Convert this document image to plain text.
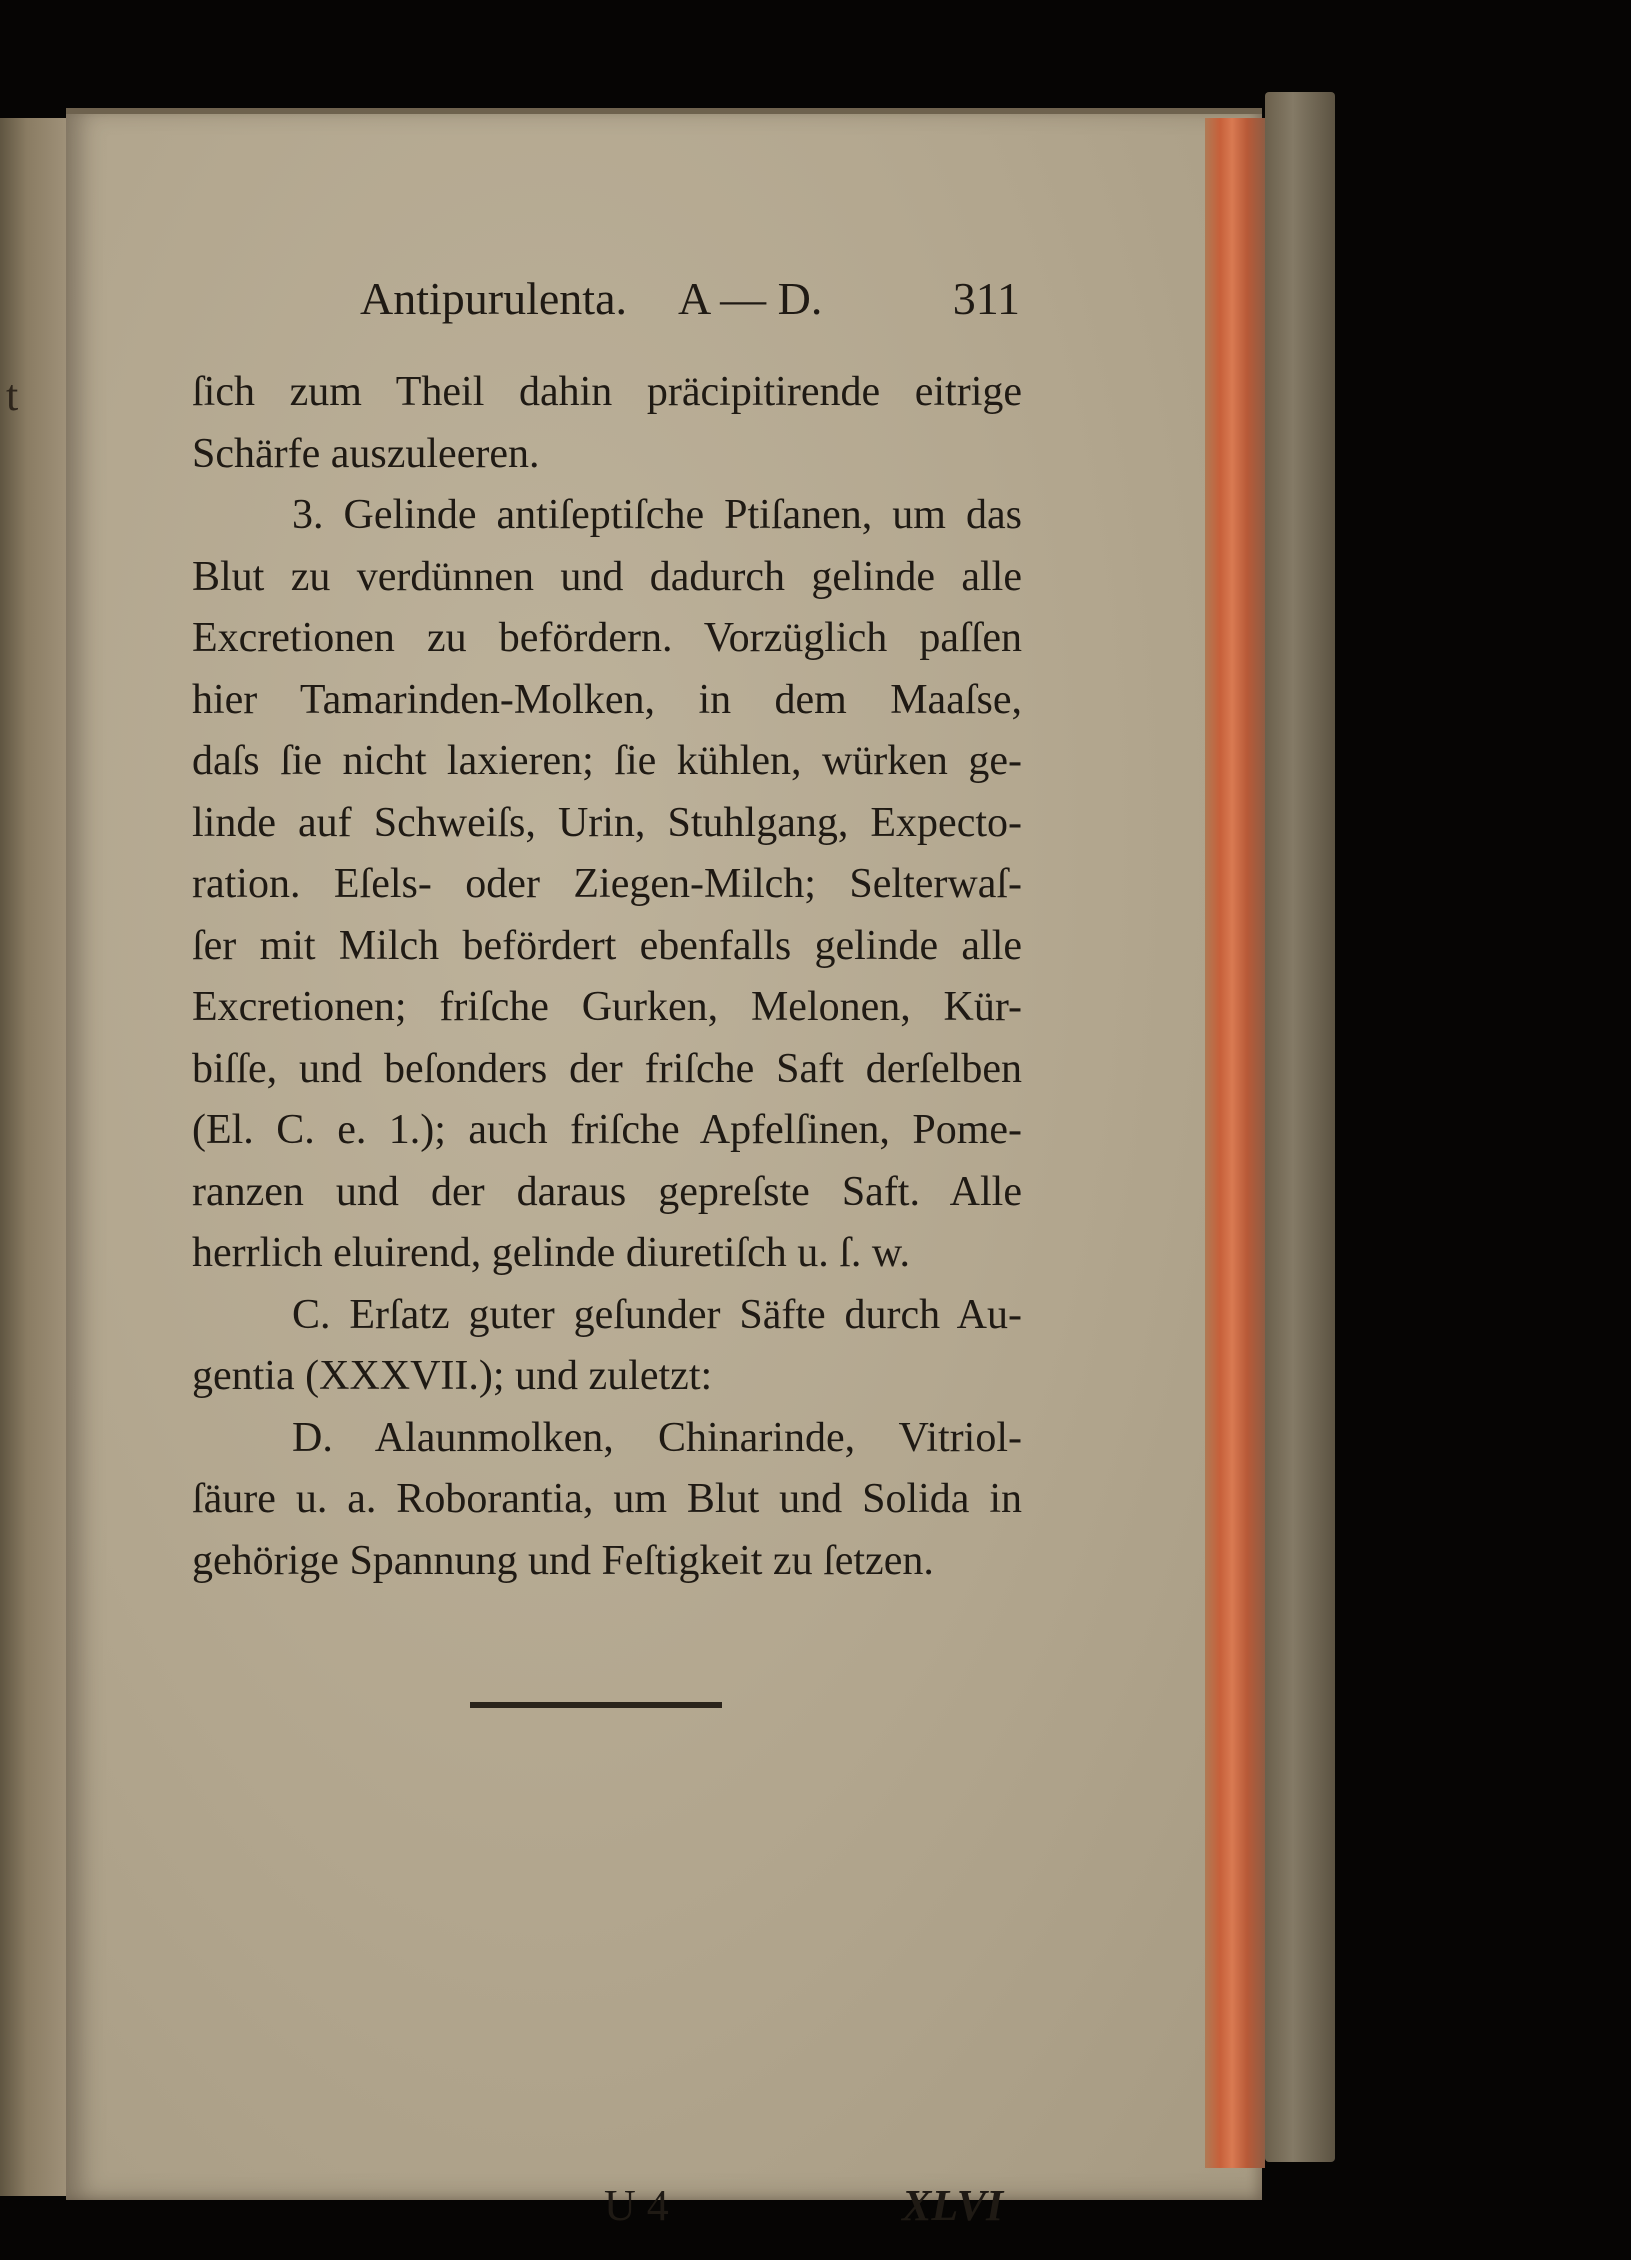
t
Antipurulenta. A — D.	311
ſich zum Theil dahin präcipitirende eitrige
Schärfe auszuleeren.
3. Gelinde antiſeptiſche Ptiſanen, um das
Blut zu verdünnen und dadurch gelinde alle
Excretionen zu befördern. Vorzüglich paſſen
hier Tamarinden-Molken, in dem Maaſse,
daſs ſie nicht laxieren; ſie kühlen, würken ge-
linde auf Schweiſs, Urin, Stuhlgang, Expecto-
ration. Eſels- oder Ziegen-Milch; Selterwaſ-
ſer mit Milch befördert ebenfalls gelinde alle
Excretionen; friſche Gurken, Melonen, Kür-
biſſe, und beſonders der friſche Saft derſelben
(El. C. e. 1.); auch friſche Apfelſinen, Pome-
ranzen und der daraus gepreſste Saft. Alle
herrlich eluirend, gelinde diuretiſch u. ſ. w.
C. Erſatz guter geſunder Säfte durch Au-
gentia (XXXVII.); und zuletzt:
D. Alaunmolken, Chinarinde, Vitriol-
ſäure u. a. Roborantia, um Blut und Solida in
gehörige Spannung und Feſtigkeit zu ſetzen.
U 4	XLVI
